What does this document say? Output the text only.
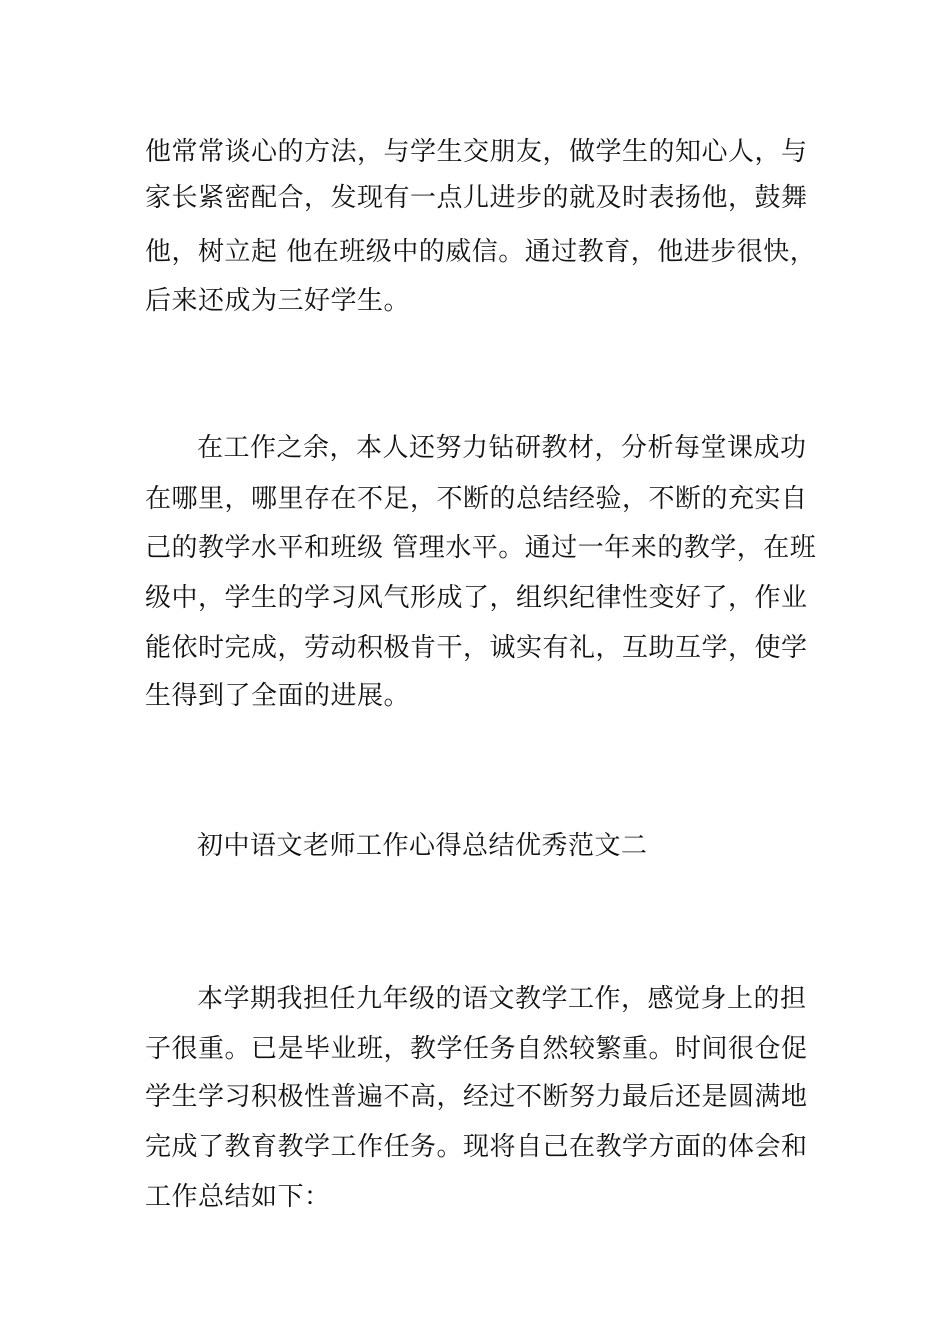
他常常谈心的方法，与学生交朋友，做学生的知心人，与
家长紧密配合，发现有一点儿进步的就及时表扬他，鼓舞
他，树立起 他在班级中的威信。通过教育，他进步很快，
后来还成为三好学生。
在工作之余，本人还努力钻研教材，分析每堂课成功
在哪里，哪里存在不足，不断的总结经验，不断的充实自
己的教学水平和班级 管理水平。通过一年来的教学，在班
级中，学生的学习风气形成了，组织纪律性变好了，作业
能依时完成，劳动积极肯干，诚实有礼，互助互学，使学
生得到了全面的进展。
初中语文老师工作心得总结优秀范文二
本学期我担任九年级的语文教学工作，感觉身上的担
子很重。已是毕业班，教学任务自然较繁重。时间很仓促
学生学习积极性普遍不高，经过不断努力最后还是圆满地
完成了教育教学工作任务。现将自己在教学方面的体会和
工作总结如下：
